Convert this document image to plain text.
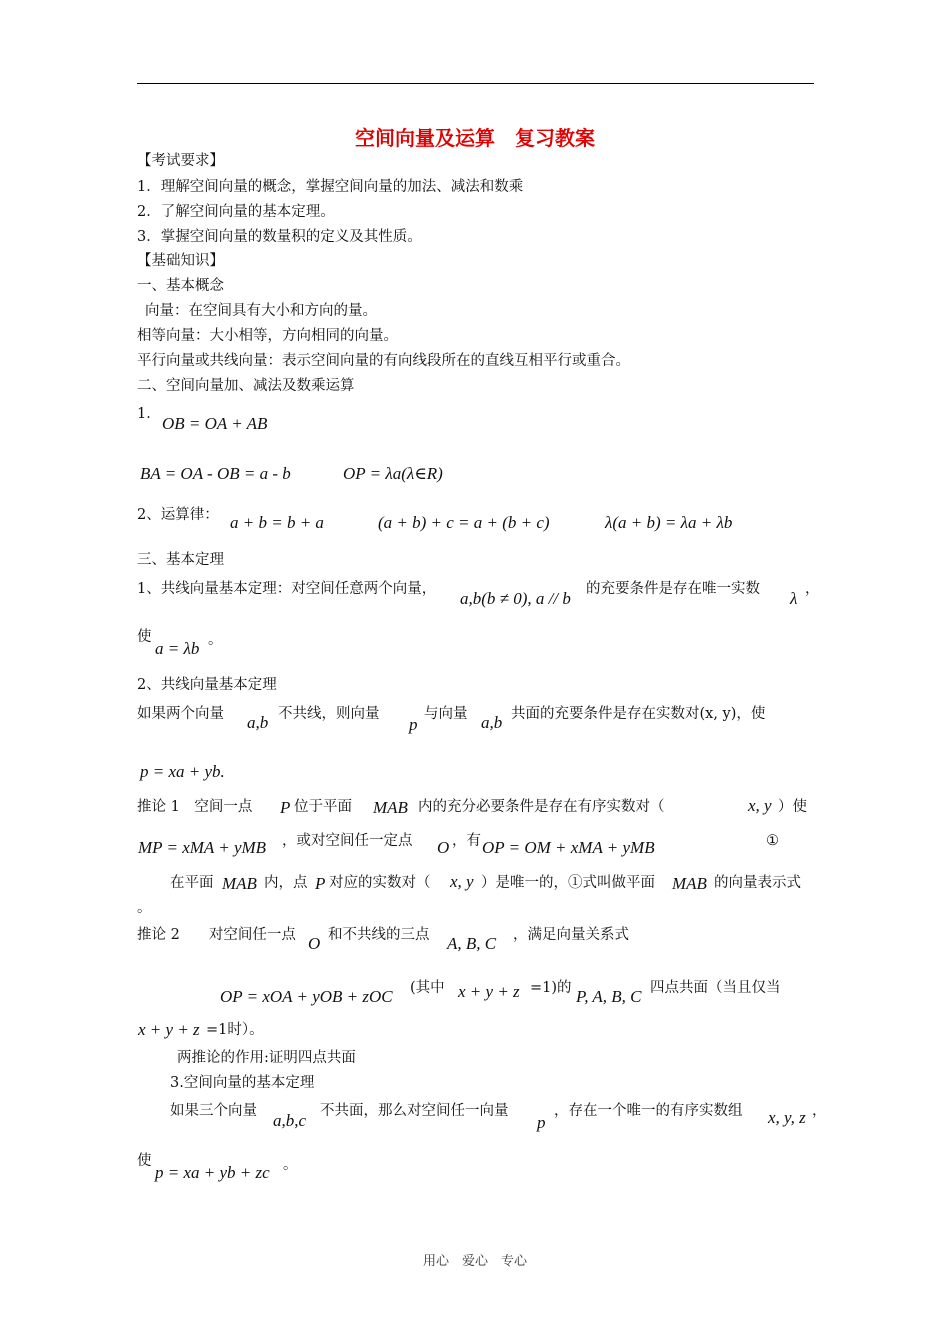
空间向量及运算　复习教案
【考试要求】
1．理解空间向量的概念，掌握空间向量的加法、减法和数乘
2．了解空间向量的基本定理。
3．掌握空间向量的数量积的定义及其性质。
【基础知识】
一、基本概念
向量：在空间具有大小和方向的量。
相等向量：大小相等，方向相同的向量。
平行向量或共线向量：表示空间向量的有向线段所在的直线互相平行或重合。
二、空间向量加、减法及数乘运算
1． OB = OA + AB
BA = OA - OB = a - b	OP = λa(λ∈R)
2、运算律： a + b = b + a	(a + b) + c = a + (b + c)	λ(a + b) = λa + λb
三、基本定理
1、共线向量基本定理：对空间任意两个向量， a,b(b ≠ 0), a // b 的充要条件是存在唯一实数 λ ，
使
a = λb 。
2、共线向量基本定理
如果两个向量 a,b 不共线，则向量
p
与向量 a,b 共面的充要条件是存在实数对(x, y)，使
p = xa + yb.
推论 1　空间一点 P 位于平面 MAB 内的充分必要条件是存在有序实数对（	x, y ）使
MP = xMA + yMB ，或对空间任一定点 O ，有 OP = OM + xMA + yMB	①
在平面 MAB 内，点 P 对应的实数对（ x, y ）是唯一的，①式叫做平面 MAB 的向量表示式
。
推论 2　　对空间任一点 O 和不共线的三点 A, B, C ，满足向量关系式
OP = xOA + yOB + zOC (其中 x + y + z =1)的 P, A, B, C 四点共面（当且仅当
x + y + z =1时）。
两推论的作用:证明四点共面
3.空间向量的基本定理
如果三个向量 a,b,c 不共面，那么对空间任一向量
p
，存在一个唯一的有序实数组 x, y, z ，
使
p = xa + yb + zc 。
用心　爱心　专心
